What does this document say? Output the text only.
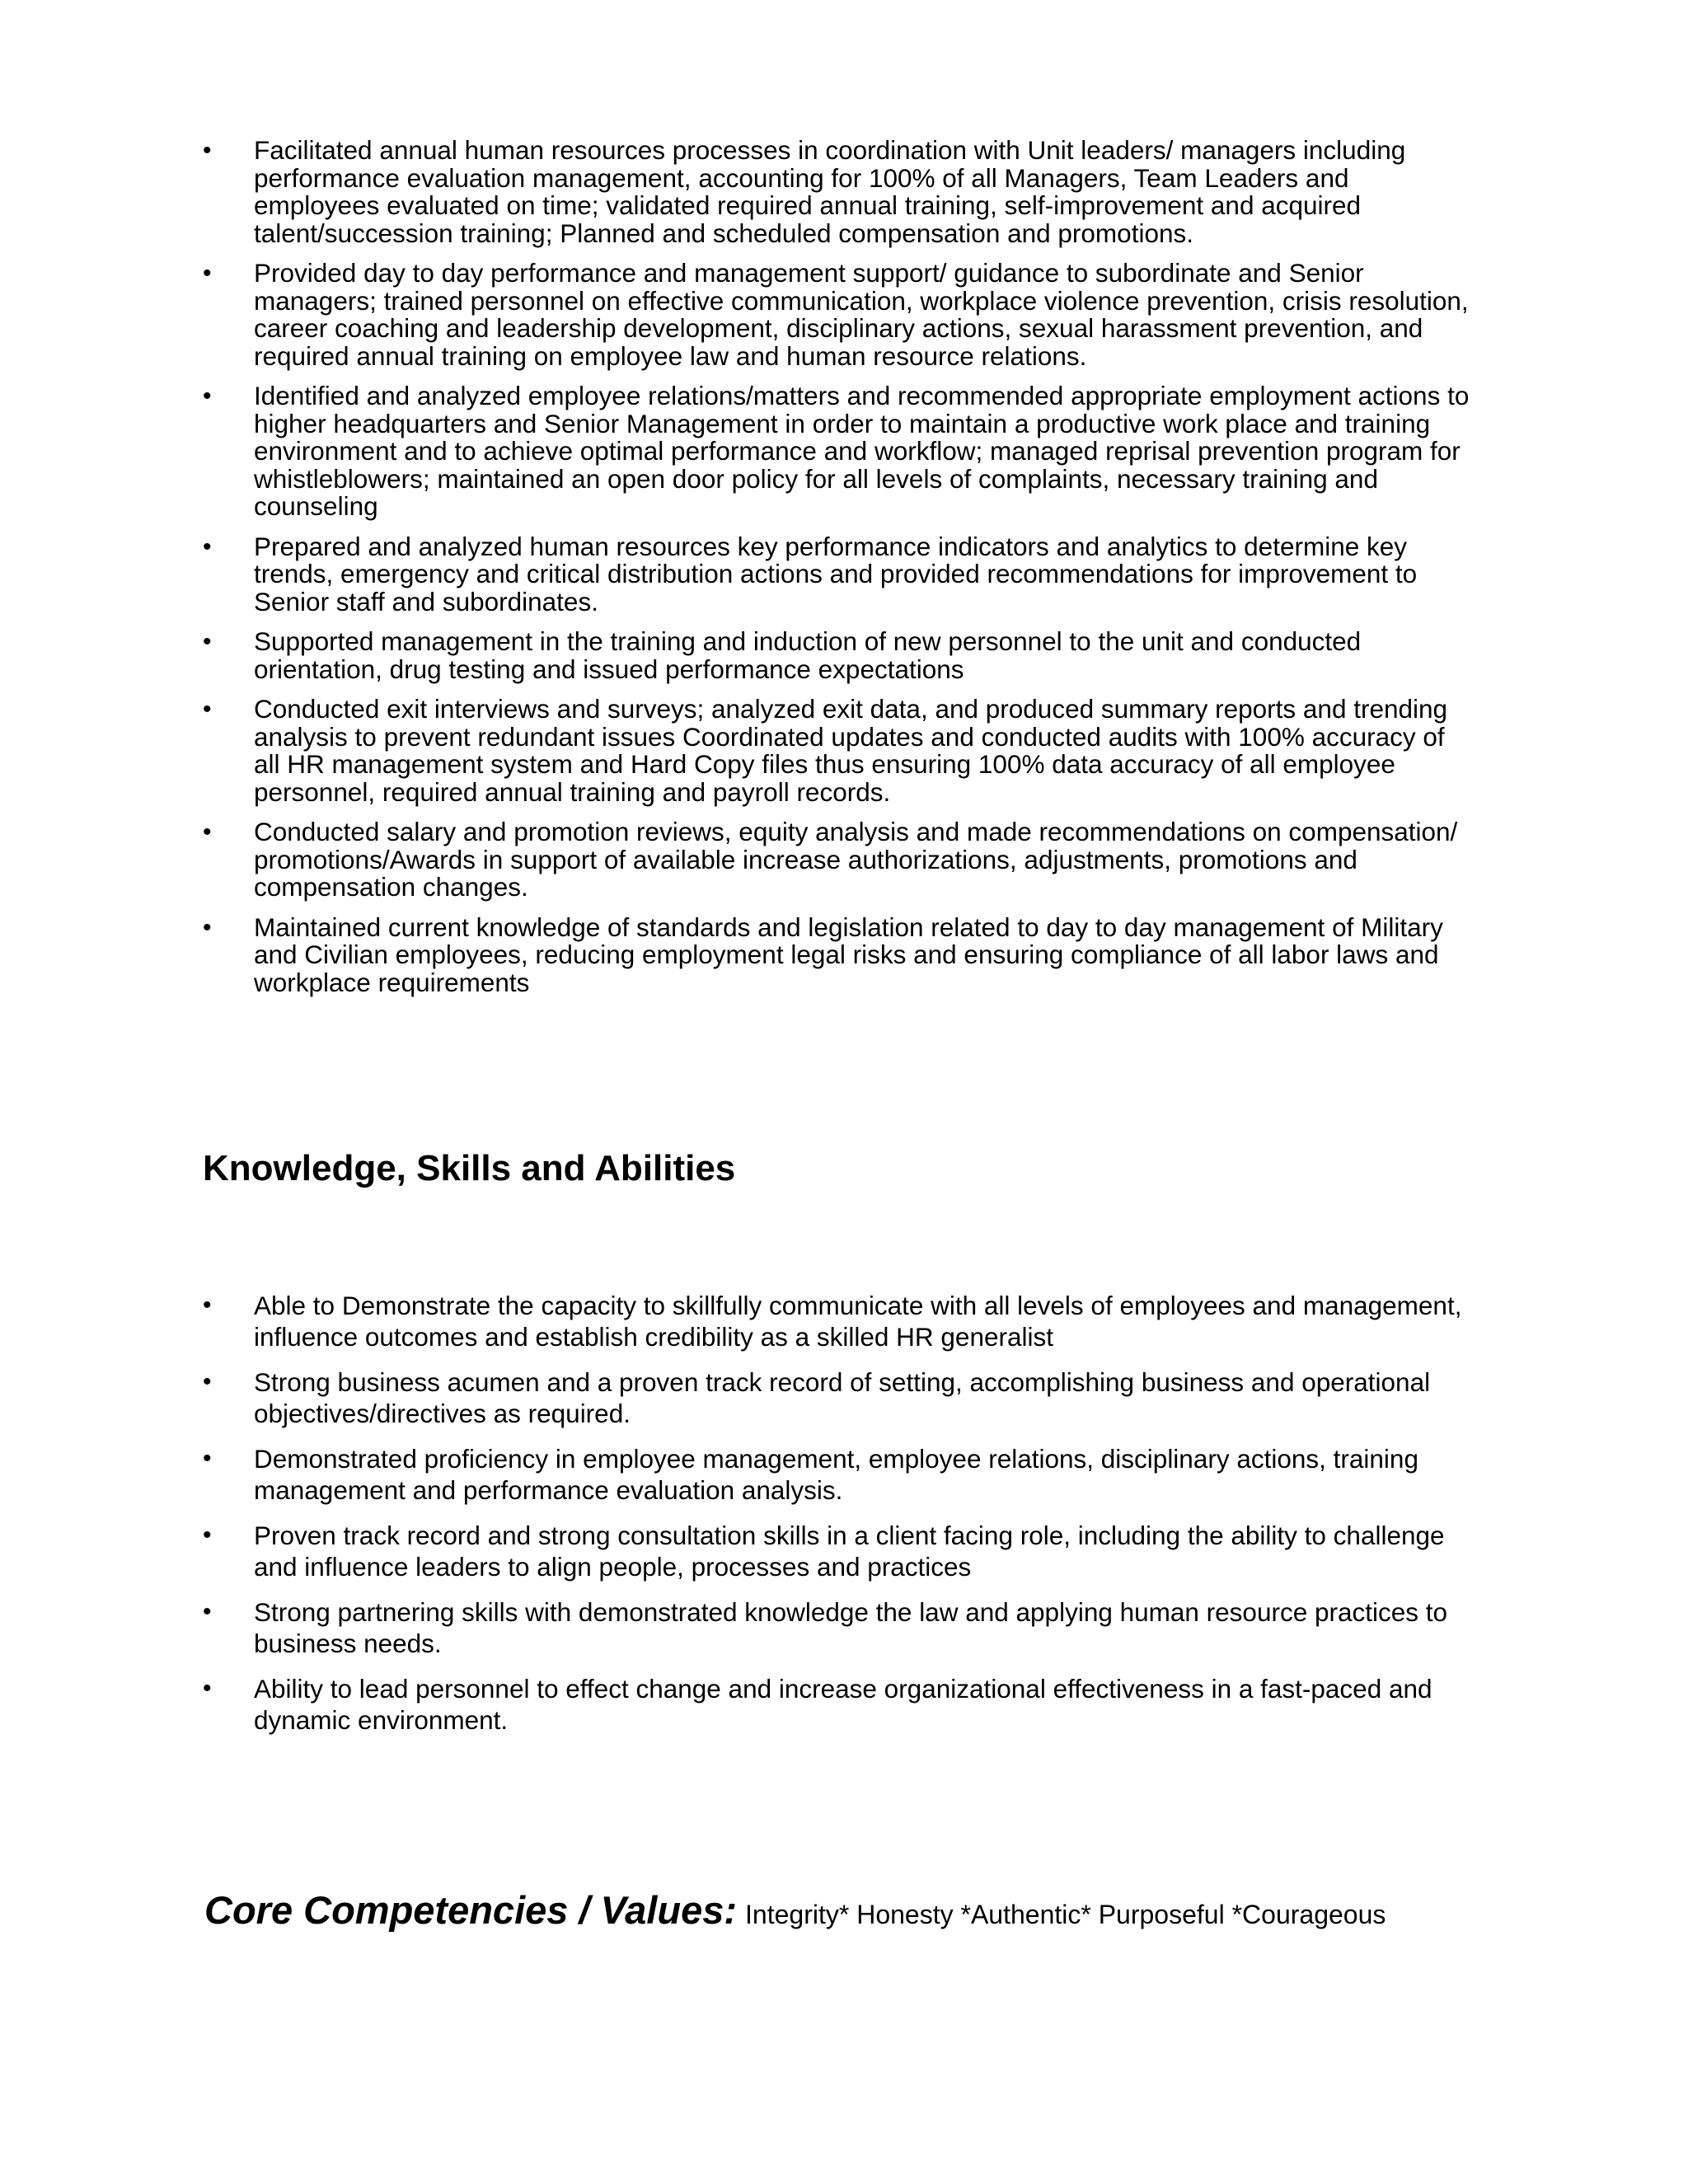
•	Facilitated annual human resources processes in coordination with Unit leaders/ managers including performance evaluation management, accounting for 100% of all Managers, Team Leaders and employees evaluated on time; validated required annual training, self-improvement and acquired talent/succession training; Planned and scheduled compensation and promotions.
•	Provided day to day performance and management support/ guidance to subordinate and Senior managers; trained personnel on effective communication, workplace violence prevention, crisis resolution, career coaching and leadership development, disciplinary actions, sexual harassment prevention, and required annual training on employee law and human resource relations.
•	Identified and analyzed employee relations/matters and recommended appropriate employment actions to higher headquarters and Senior Management in order to maintain a productive work place and training environment and to achieve optimal performance and workflow; managed reprisal prevention program for whistleblowers; maintained an open door policy for all levels of complaints, necessary training and counseling
•	Prepared and analyzed human resources key performance indicators and analytics to determine key trends, emergency and critical distribution actions and provided recommendations for improvement to Senior staff and subordinates.
•	Supported management in the training and induction of new personnel to the unit and conducted orientation, drug testing and issued performance expectations
•	Conducted exit interviews and surveys; analyzed exit data, and produced summary reports and trending analysis to prevent redundant issues Coordinated updates and conducted audits with 100% accuracy of all HR management system and Hard Copy files thus ensuring 100% data accuracy of all employee personnel, required annual training and payroll records.
•	Conducted salary and promotion reviews, equity analysis and made recommendations on compensation/ promotions/Awards in support of available increase authorizations, adjustments, promotions and compensation changes.
•	Maintained current knowledge of standards and legislation related to day to day management of Military and Civilian employees, reducing employment legal risks and ensuring compliance of all labor laws and workplace requirements
Knowledge, Skills and Abilities
•	Able to Demonstrate the capacity to skillfully communicate with all levels of employees and management, influence outcomes and establish credibility as a skilled HR generalist
•	Strong business acumen and a proven track record of setting, accomplishing business and operational objectives/directives as required.
•	Demonstrated proficiency in employee management, employee relations, disciplinary actions, training management and performance evaluation analysis.
•	Proven track record and strong consultation skills in a client facing role, including the ability to challenge and influence leaders to align people, processes and practices
•	Strong partnering skills with demonstrated knowledge the law and applying human resource practices to business needs.
•	Ability to lead personnel to effect change and increase organizational effectiveness in a fast-paced and dynamic environment.
Core Competencies / Values: Integrity* Honesty *Authentic* Purposeful *Courageous
